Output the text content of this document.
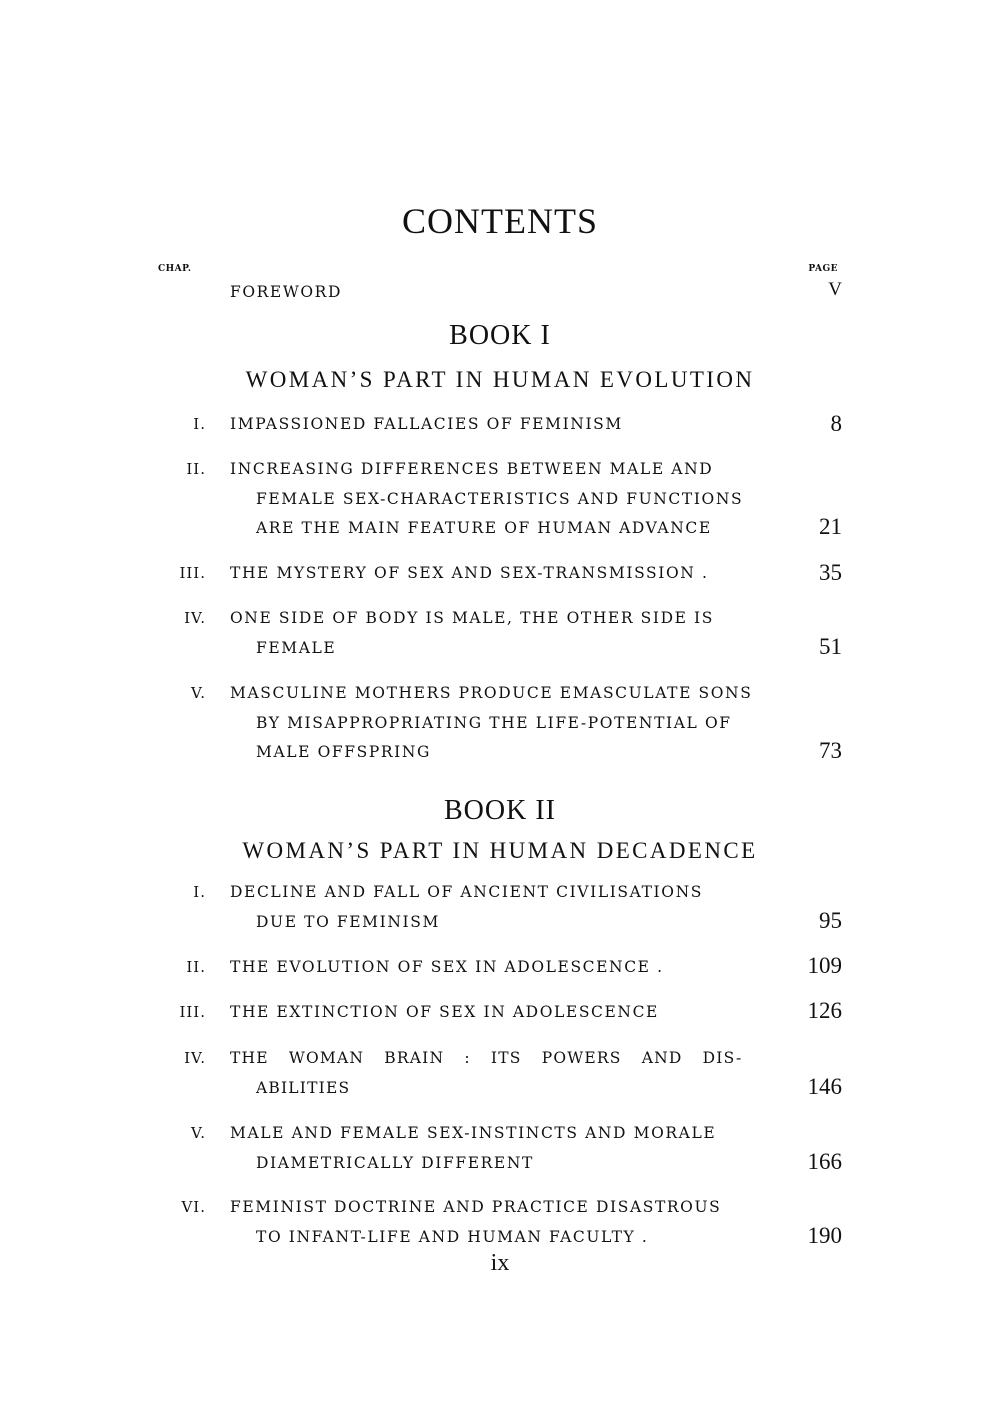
CONTENTS
CHAP.	PAGE
FOREWORD	V
BOOK I
WOMAN’S PART IN HUMAN EVOLUTION
I. IMPASSIONED FALLACIES OF FEMINISM	8
II. INCREASING DIFFERENCES BETWEEN MALE AND
FEMALE SEX-CHARACTERISTICS AND FUNCTIONS
ARE THE MAIN FEATURE OF HUMAN ADVANCE	21
III. THE MYSTERY OF SEX AND SEX-TRANSMISSION .	35
IV. ONE SIDE OF BODY IS MALE, THE OTHER SIDE IS
FEMALE	51
V. MASCULINE MOTHERS PRODUCE EMASCULATE SONS
BY MISAPPROPRIATING THE LIFE-POTENTIAL OF
MALE OFFSPRING	73
BOOK II
WOMAN’S PART IN HUMAN DECADENCE
I. DECLINE AND FALL OF ANCIENT CIVILISATIONS
DUE TO FEMINISM	95
II. THE EVOLUTION OF SEX IN ADOLESCENCE .	109
III. THE EXTINCTION OF SEX IN ADOLESCENCE	126
IV. THE WOMAN BRAIN : ITS POWERS AND DIS-
ABILITIES	146
V. MALE AND FEMALE SEX-INSTINCTS AND MORALE
DIAMETRICALLY DIFFERENT	166
VI. FEMINIST DOCTRINE AND PRACTICE DISASTROUS
TO INFANT-LIFE AND HUMAN FACULTY .	190
ix
